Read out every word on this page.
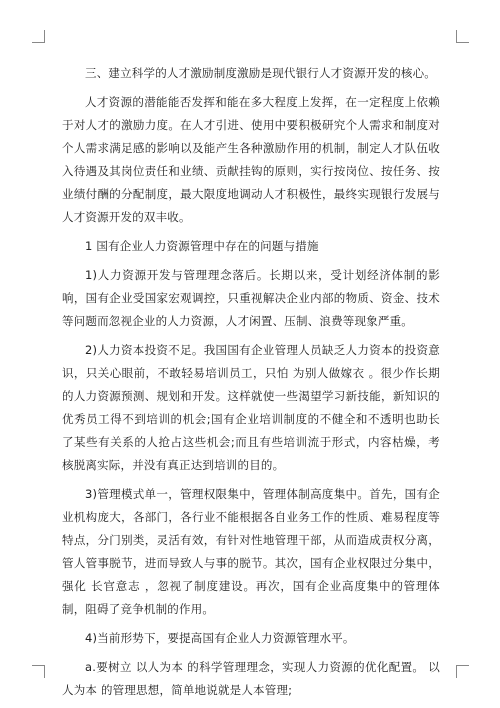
三、建立科学的人才激励制度激励是现代银行人才资源开发的核心。

人才资源的潜能能否发挥和能在多大程度上发挥，在一定程度上依赖于对人才的激励力度。在人才引进、使用中要积极研究个人需求和制度对个人需求满足感的影响以及能产生各种激励作用的机制，制定人才队伍收入待遇及其岗位责任和业绩、贡献挂钩的原则，实行按岗位、按任务、按业绩付酬的分配制度，最大限度地调动人才积极性，最终实现银行发展与人才资源开发的双丰收。

1 国有企业人力资源管理中存在的问题与措施

1)人力资源开发与管理理念落后。长期以来，受计划经济体制的影响，国有企业受国家宏观调控，只重视解决企业内部的物质、资金、技术等问题而忽视企业的人力资源，人才闲置、压制、浪费等现象严重。

2)人力资本投资不足。我国国有企业管理人员缺乏人力资本的投资意识，只关心眼前，不敢轻易培训员工，只怕 为别人做嫁衣 。很少作长期的人力资源预测、规划和开发。这样就使一些渴望学习新技能，新知识的优秀员工得不到培训的机会;国有企业培训制度的不健全和不透明也助长了某些有关系的人抢占这些机会;而且有些培训流于形式，内容枯燥，考核脱离实际，并没有真正达到培训的目的。

3)管理模式单一，管理权限集中，管理体制高度集中。首先，国有企业机构庞大，各部门，各行业不能根据各自业务工作的性质、难易程度等特点，分门别类，灵活有效，有针对性地管理干部，从而造成责权分离，管人管事脱节，进而导致人与事的脱节。其次，国有企业权限过分集中，强化 长官意志 ，忽视了制度建设。再次，国有企业高度集中的管理体制，阻碍了竞争机制的作用。

4)当前形势下，要提高国有企业人力资源管理水平。

a.要树立 以人为本 的科学管理理念，实现人力资源的优化配置。 以人为本 的管理思想，简单地说就是人本管理;
